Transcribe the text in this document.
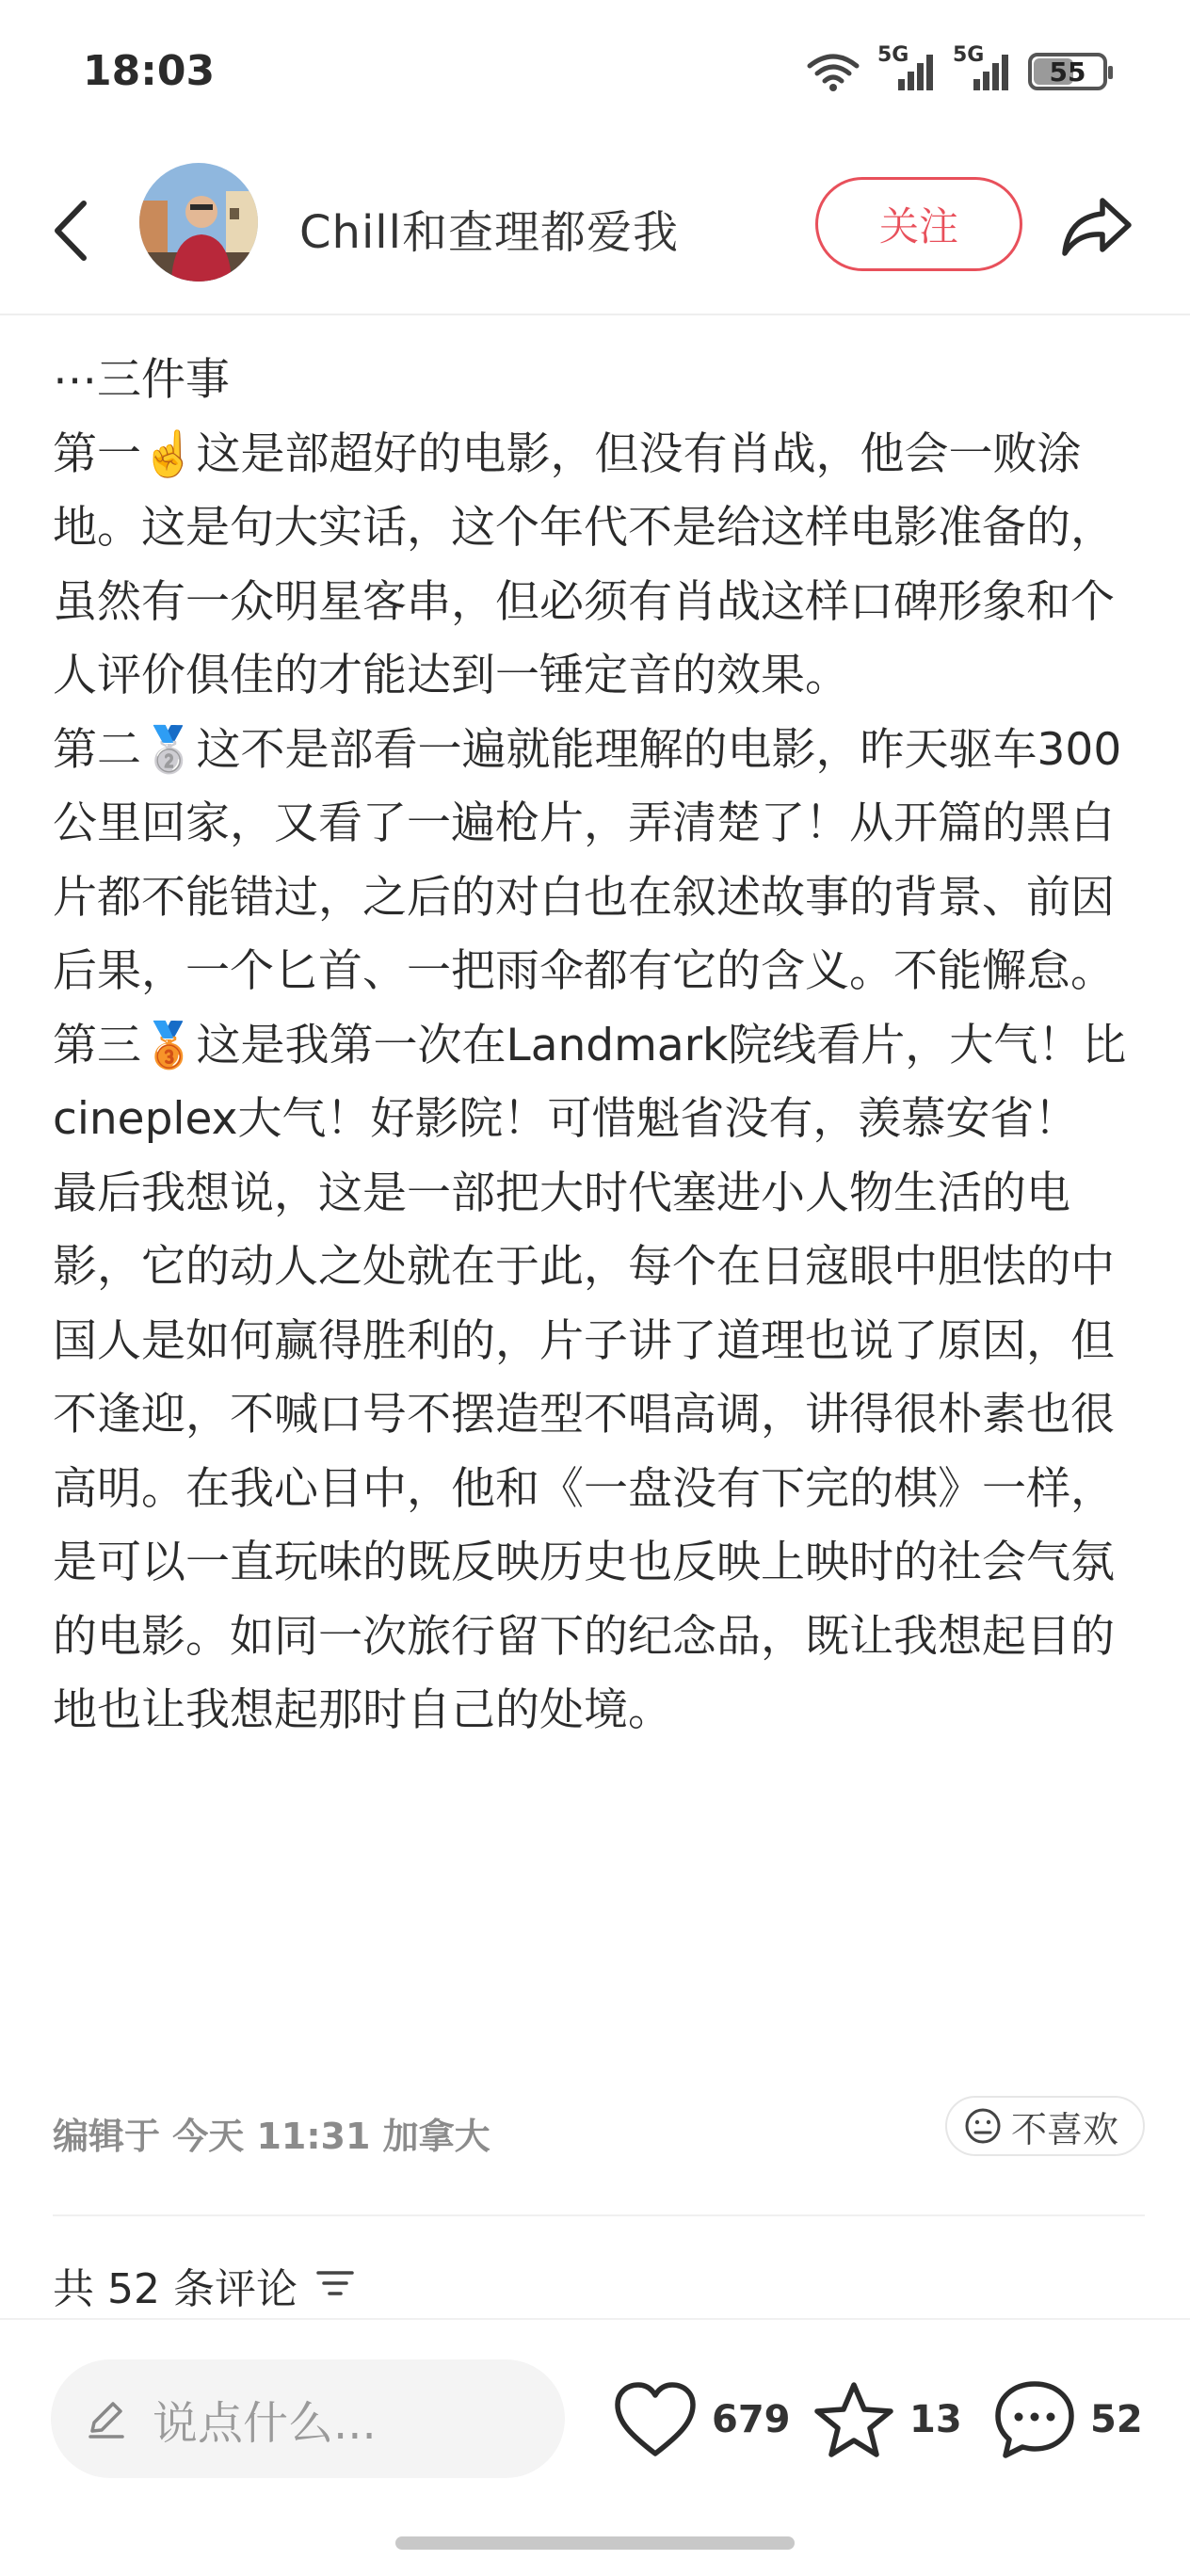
18:03	5G 5G
55
Chill和查理都爱我	关注

⋯三件事

第一☝️这是部超好的电影，但没有肖战，他会一败涂地。这是句大实话，这个年代不是给这样电影准备的，虽然有一众明星客串，但必须有肖战这样口碑形象和个人评价俱佳的才能达到一锤定音的效果。

第二🥈这不是部看一遍就能理解的电影，昨天驱车300公里回家，又看了一遍枪片，弄清楚了！从开篇的黑白片都不能错过，之后的对白也在叙述故事的背景、前因后果，一个匕首、一把雨伞都有它的含义。不能懈怠。

第三🥉这是我第一次在Landmark院线看片，大气！比cineplex大气！好影院！可惜魁省没有，羡慕安省！

最后我想说，这是一部把大时代塞进小人物生活的电影，它的动人之处就在于此，每个在日寇眼中胆怯的中国人是如何赢得胜利的，片子讲了道理也说了原因，但不逢迎，不喊口号不摆造型不唱高调，讲得很朴素也很高明。在我心目中，他和《一盘没有下完的棋》一样，是可以一直玩味的既反映历史也反映上映时的社会气氛的电影。如同一次旅行留下的纪念品，既让我想起目的地也让我想起那时自己的处境。

编辑于 今天 11:31 加拿大	不喜欢
共 52 条评论
说点什么...	679	13	52
